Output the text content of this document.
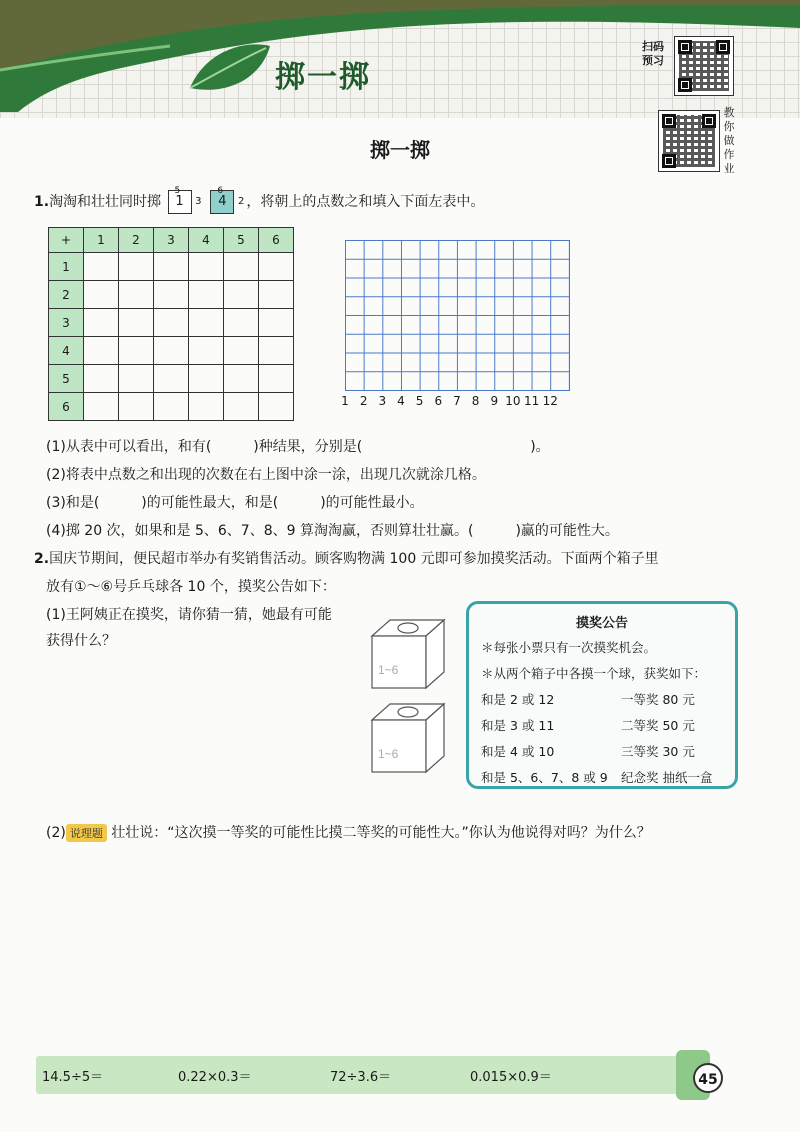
掷一掷
扫码
预习
教
你
做
作
业
掷一掷
1.淘淘和壮壮同时掷 1
5
3 4
6
2 ，将朝上的点数之和填入下面左表中。
+	1	2	3	4	5	6
1						
2						
3						
4						
5						
6							1 2 3 4 5 6 7 8 9 10 11 12
(1)从表中可以看出，和有(　　　)种结果，分别是(　　　　　　　　　　　　)。
(2)将表中点数之和出现的次数在右上图中涂一涂，出现几次就涂几格。
(3)和是(　　　)的可能性最大，和是(　　　)的可能性最小。
(4)掷 20 次，如果和是 5、6、7、8、9 算淘淘赢，否则算壮壮赢。(　　　)赢的可能性大。
2.国庆节期间，便民超市举办有奖销售活动。顾客购物满 100 元即可参加摸奖活动。下面两个箱子里
放有①～⑥号乒乓球各 10 个，摸奖公告如下：
(1)王阿姨正在摸奖，请你猜一猜，她最有可能
获得什么？
1~6
1~6
摸奖公告
＊每张小票只有一次摸奖机会。
＊从两个箱子中各摸一个球，获奖如下：
和是 2 或 12	一等奖 80 元
和是 3 或 11	二等奖 50 元
和是 4 或 10	三等奖 30 元
和是 5、6、7、8 或 9 纪念奖 抽纸一盒
(2) 说理题 壮壮说：“这次摸一等奖的可能性比摸二等奖的可能性大。”你认为他说得对吗？为什么？
14.5÷5＝	0.22×0.3＝	72÷3.6＝	0.015×0.9＝	45
